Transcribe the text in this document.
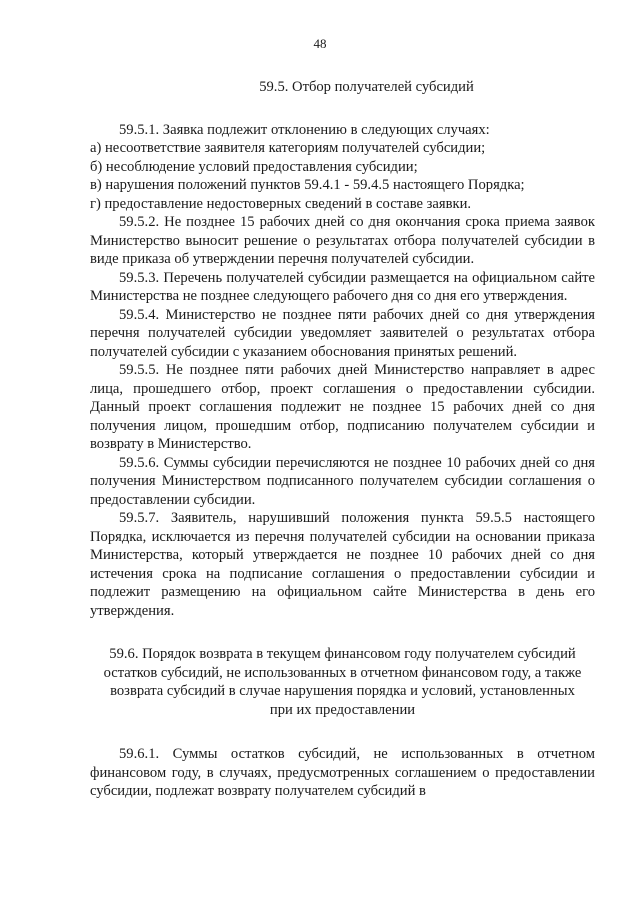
48

59.5. Отбор получателей субсидий

59.5.1. Заявка подлежит отклонению в следующих случаях:

а) несоответствие заявителя категориям получателей субсидии;

б) несоблюдение условий предоставления субсидии;

в) нарушения положений пунктов 59.4.1 - 59.4.5 настоящего Порядка;

г) предоставление недостоверных сведений в составе заявки.

59.5.2. Не позднее 15 рабочих дней со дня окончания срока приема заявок Министерство выносит решение о результатах отбора получателей субсидии в виде приказа об утверждении перечня получателей субсидии.

59.5.3. Перечень получателей субсидии размещается на официальном сайте Министерства не позднее следующего рабочего дня со дня его утверждения.

59.5.4. Министерство не позднее пяти рабочих дней со дня утверждения перечня получателей субсидии уведомляет заявителей о результатах отбора получателей субсидии с указанием обоснования принятых решений.

59.5.5. Не позднее пяти рабочих дней Министерство направляет в адрес лица, прошедшего отбор, проект соглашения о предоставлении субсидии. Данный проект соглашения подлежит не позднее 15 рабочих дней со дня получения лицом, прошедшим отбор, подписанию получателем субсидии и возврату в Министерство.

59.5.6. Суммы субсидии перечисляются не позднее 10 рабочих дней со дня получения Министерством подписанного получателем субсидии соглашения о предоставлении субсидии.

59.5.7. Заявитель, нарушивший положения пункта 59.5.5 настоящего Порядка, исключается из перечня получателей субсидии на основании приказа Министерства, который утверждается не позднее 10 рабочих дней со дня истечения срока на подписание соглашения о предоставлении субсидии и подлежит размещению на официальном сайте Министерства в день его утверждения.

59.6. Порядок возврата в текущем финансовом году получателем субсидий
остатков субсидий, не использованных в отчетном финансовом году, а также
возврата субсидий в случае нарушения порядка и условий, установленных
при их предоставлении

59.6.1. Суммы остатков субсидий, не использованных в отчетном финансовом году, в случаях, предусмотренных соглашением о предоставлении субсидии, подлежат возврату получателем субсидий в
